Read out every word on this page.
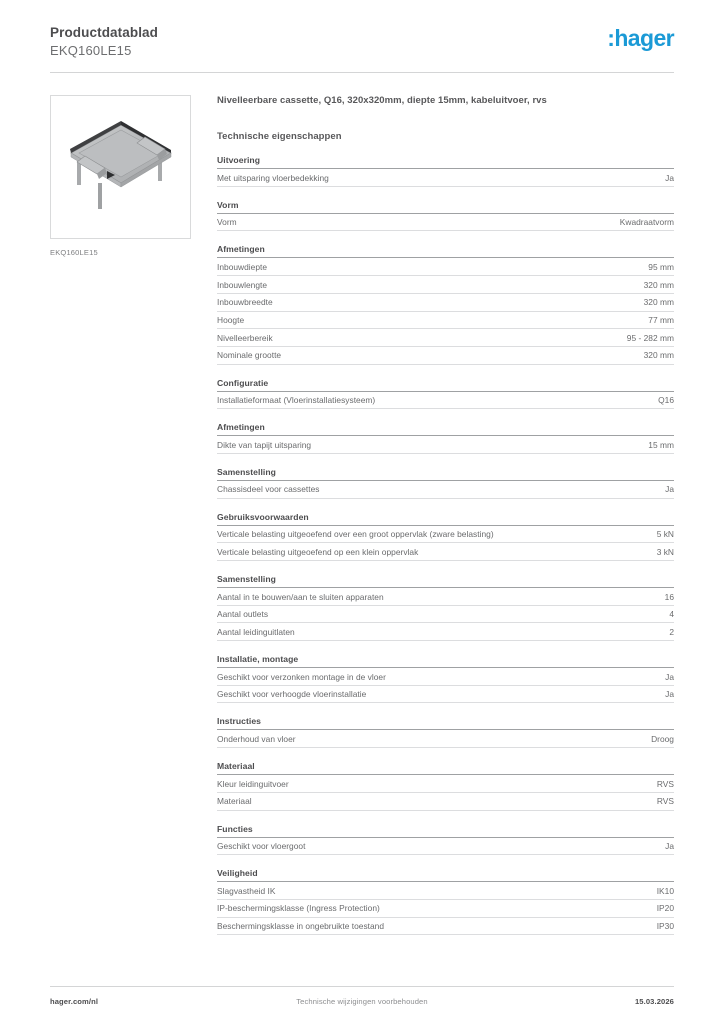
Productdatablad
EKQ160LE15	:hager
EKQ160LE15
Nivelleerbare cassette, Q16, 320x320mm, diepte 15mm, kabeluitvoer, rvs
Technische eigenschappen
Uitvoering
Met uitsparing vloerbedekking	Ja
Vorm
Vorm	Kwadraatvorm
Afmetingen
Inbouwdiepte	95 mm
Inbouwlengte	320 mm
Inbouwbreedte	320 mm
Hoogte	77 mm
Nivelleerbereik	95 - 282 mm
Nominale grootte	320 mm
Configuratie
Installatieformaat (Vloerinstallatiesysteem)	Q16
Afmetingen
Dikte van tapijt uitsparing	15 mm
Samenstelling
Chassisdeel voor cassettes	Ja
Gebruiksvoorwaarden
Verticale belasting uitgeoefend over een groot oppervlak (zware belasting)	5 kN
Verticale belasting uitgeoefend op een klein oppervlak	3 kN
Samenstelling
Aantal in te bouwen/aan te sluiten apparaten	16
Aantal outlets	4
Aantal leidinguitlaten	2
Installatie, montage
Geschikt voor verzonken montage in de vloer	Ja
Geschikt voor verhoogde vloerinstallatie	Ja
Instructies
Onderhoud van vloer	Droog
Materiaal
Kleur leidinguitvoer	RVS
Materiaal	RVS
Functies
Geschikt voor vloergoot	Ja
Veiligheid
Slagvastheid IK	IK10
IP-beschermingsklasse (Ingress Protection)	IP20
Beschermingsklasse in ongebruikte toestand	IP30
hager.com/nl	Technische wijzigingen voorbehouden	15.03.2026
